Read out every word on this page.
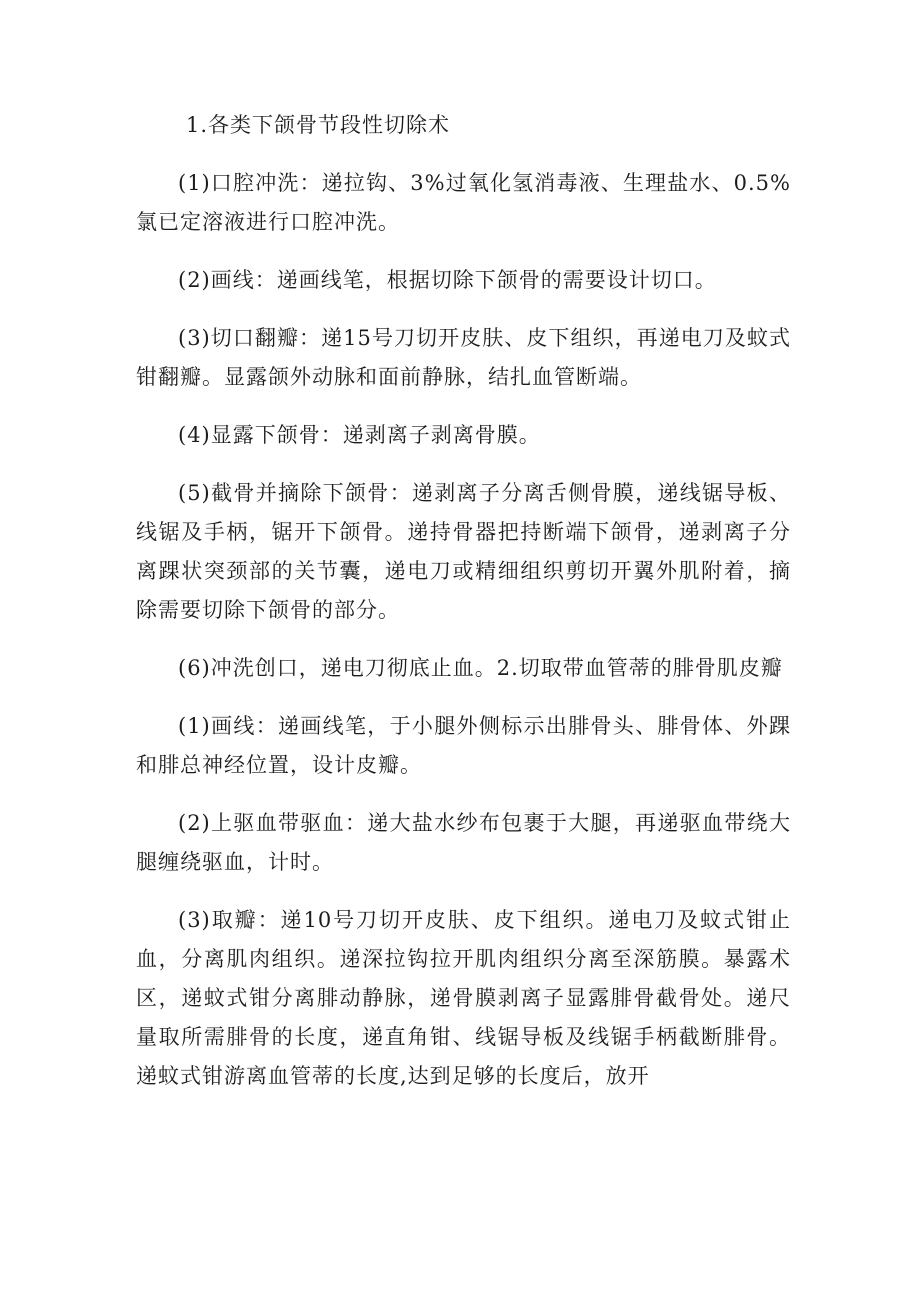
1.各类下颌骨节段性切除术

(1)口腔冲洗：递拉钩、3%过氧化氢消毒液、生理盐水、0.5%氯已定溶液进行口腔冲洗。

(2)画线：递画线笔，根据切除下颌骨的需要设计切口。

(3)切口翻瓣：递15号刀切开皮肤、皮下组织，再递电刀及蚊式钳翻瓣。显露颌外动脉和面前静脉，结扎血管断端。

(4)显露下颌骨：递剥离子剥离骨膜。

(5)截骨并摘除下颌骨：递剥离子分离舌侧骨膜，递线锯导板、线锯及手柄，锯开下颌骨。递持骨器把持断端下颌骨，递剥离子分离踝状突颈部的关节囊，递电刀或精细组织剪切开翼外肌附着，摘除需要切除下颌骨的部分。

(6)冲洗创口，递电刀彻底止血。2.切取带血管蒂的腓骨肌皮瓣

(1)画线：递画线笔，于小腿外侧标示出腓骨头、腓骨体、外踝和腓总神经位置，设计皮瓣。

(2)上驱血带驱血：递大盐水纱布包裹于大腿，再递驱血带绕大腿缠绕驱血，计时。

(3)取瓣：递10号刀切开皮肤、皮下组织。递电刀及蚊式钳止血，分离肌肉组织。递深拉钩拉开肌肉组织分离至深筋膜。暴露术区，递蚊式钳分离腓动静脉，递骨膜剥离子显露腓骨截骨处。递尺量取所需腓骨的长度，递直角钳、线锯导板及线锯手柄截断腓骨。递蚊式钳游离血管蒂的长度,达到足够的长度后，放开
